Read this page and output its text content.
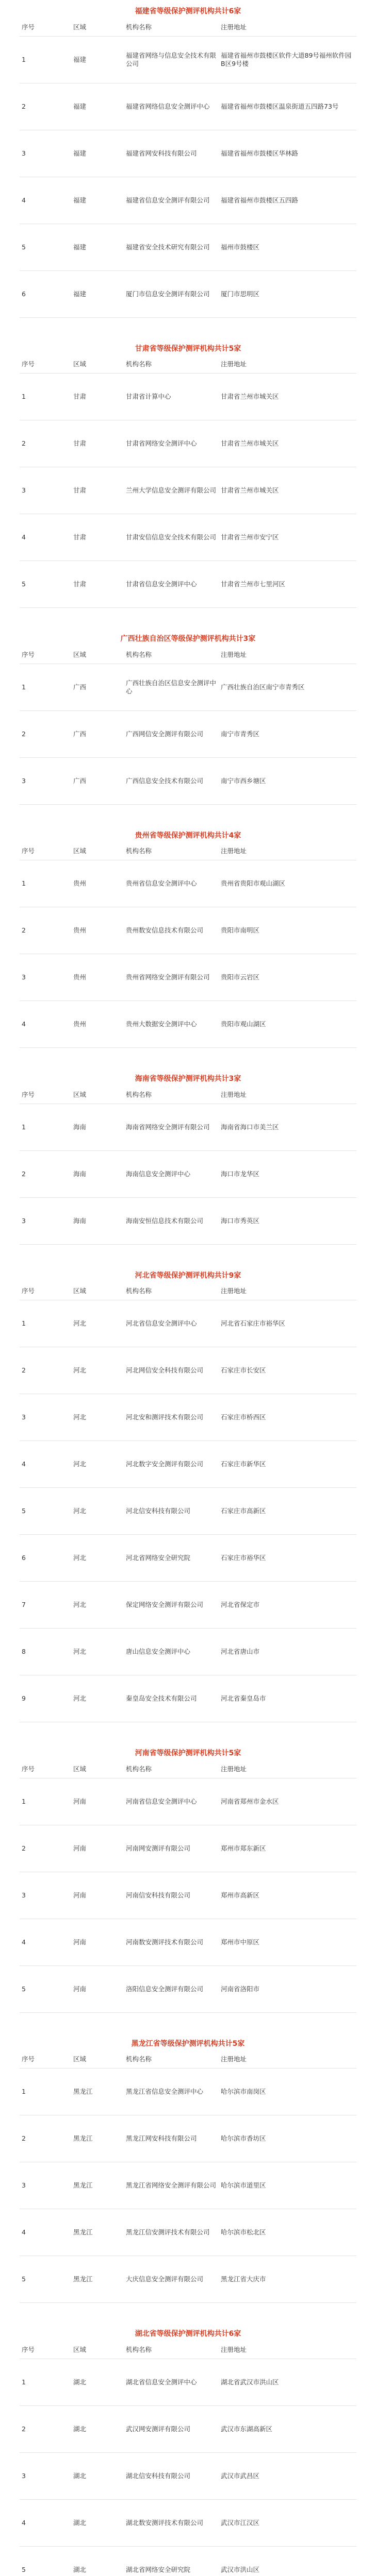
福建省等级保护测评机构共计6家
序号	区域	机构名称	注册地址
1	福建	福建省网络与信息安全技术有限公司	福建省福州市鼓楼区软件大道89号福州软件园B区9号楼
2	福建	福建省网络信息安全测评中心	福建省福州市鼓楼区温泉街道五四路73号
3	福建	福建省网安科技有限公司	福建省福州市鼓楼区华林路
4	福建	福建省信息安全测评有限公司	福建省福州市鼓楼区五四路
5	福建	福建省安全技术研究有限公司	福州市鼓楼区
6	福建	厦门市信息安全测评有限公司	厦门市思明区
甘肃省等级保护测评机构共计5家
序号	区域	机构名称	注册地址
1	甘肃	甘肃省计算中心	甘肃省兰州市城关区
2	甘肃	甘肃省网络安全测评中心	甘肃省兰州市城关区
3	甘肃	兰州大学信息安全测评有限公司	甘肃省兰州市城关区
4	甘肃	甘肃安信信息安全技术有限公司	甘肃省兰州市安宁区
5	甘肃	甘肃省信息安全测评中心	甘肃省兰州市七里河区
广西壮族自治区等级保护测评机构共计3家
序号	区域	机构名称	注册地址
1	广西	广西壮族自治区信息安全测评中心	广西壮族自治区南宁市青秀区
2	广西	广西网信安全测评有限公司	南宁市青秀区
3	广西	广西信息安全技术有限公司	南宁市西乡塘区
贵州省等级保护测评机构共计4家
序号	区域	机构名称	注册地址
1	贵州	贵州省信息安全测评中心	贵州省贵阳市观山湖区
2	贵州	贵州数安信息技术有限公司	贵阳市南明区
3	贵州	贵州省网络安全测评有限公司	贵阳市云岩区
4	贵州	贵州大数据安全测评中心	贵阳市观山湖区
海南省等级保护测评机构共计3家
序号	区域	机构名称	注册地址
1	海南	海南省网络安全测评有限公司	海南省海口市美兰区
2	海南	海南信息安全测评中心	海口市龙华区
3	海南	海南安恒信息技术有限公司	海口市秀英区
河北省等级保护测评机构共计9家
序号	区域	机构名称	注册地址
1	河北	河北省信息安全测评中心	河北省石家庄市裕华区
2	河北	河北网信安全科技有限公司	石家庄市长安区
3	河北	河北安和测评技术有限公司	石家庄市桥西区
4	河北	河北数字安全测评有限公司	石家庄市新华区
5	河北	河北信安科技有限公司	石家庄市高新区
6	河北	河北省网络安全研究院	石家庄市裕华区
7	河北	保定网络安全测评有限公司	河北省保定市
8	河北	唐山信息安全测评中心	河北省唐山市
9	河北	秦皇岛安全技术有限公司	河北省秦皇岛市
河南省等级保护测评机构共计5家
序号	区域	机构名称	注册地址
1	河南	河南省信息安全测评中心	河南省郑州市金水区
2	河南	河南网安测评有限公司	郑州市郑东新区
3	河南	河南信安科技有限公司	郑州市高新区
4	河南	河南数安测评技术有限公司	郑州市中原区
5	河南	洛阳信息安全测评有限公司	河南省洛阳市
黑龙江省等级保护测评机构共计5家
序号	区域	机构名称	注册地址
1	黑龙江	黑龙江省信息安全测评中心	哈尔滨市南岗区
2	黑龙江	黑龙江网安科技有限公司	哈尔滨市香坊区
3	黑龙江	黑龙江省网络安全测评有限公司	哈尔滨市道里区
4	黑龙江	黑龙江信安测评技术有限公司	哈尔滨市松北区
5	黑龙江	大庆信息安全测评有限公司	黑龙江省大庆市
湖北省等级保护测评机构共计6家
序号	区域	机构名称	注册地址
1	湖北	湖北省信息安全测评中心	湖北省武汉市洪山区
2	湖北	武汉网安测评有限公司	武汉市东湖高新区
3	湖北	湖北信安科技有限公司	武汉市武昌区
4	湖北	湖北数安测评技术有限公司	武汉市江汉区
5	湖北	湖北省网络安全研究院	武汉市洪山区
